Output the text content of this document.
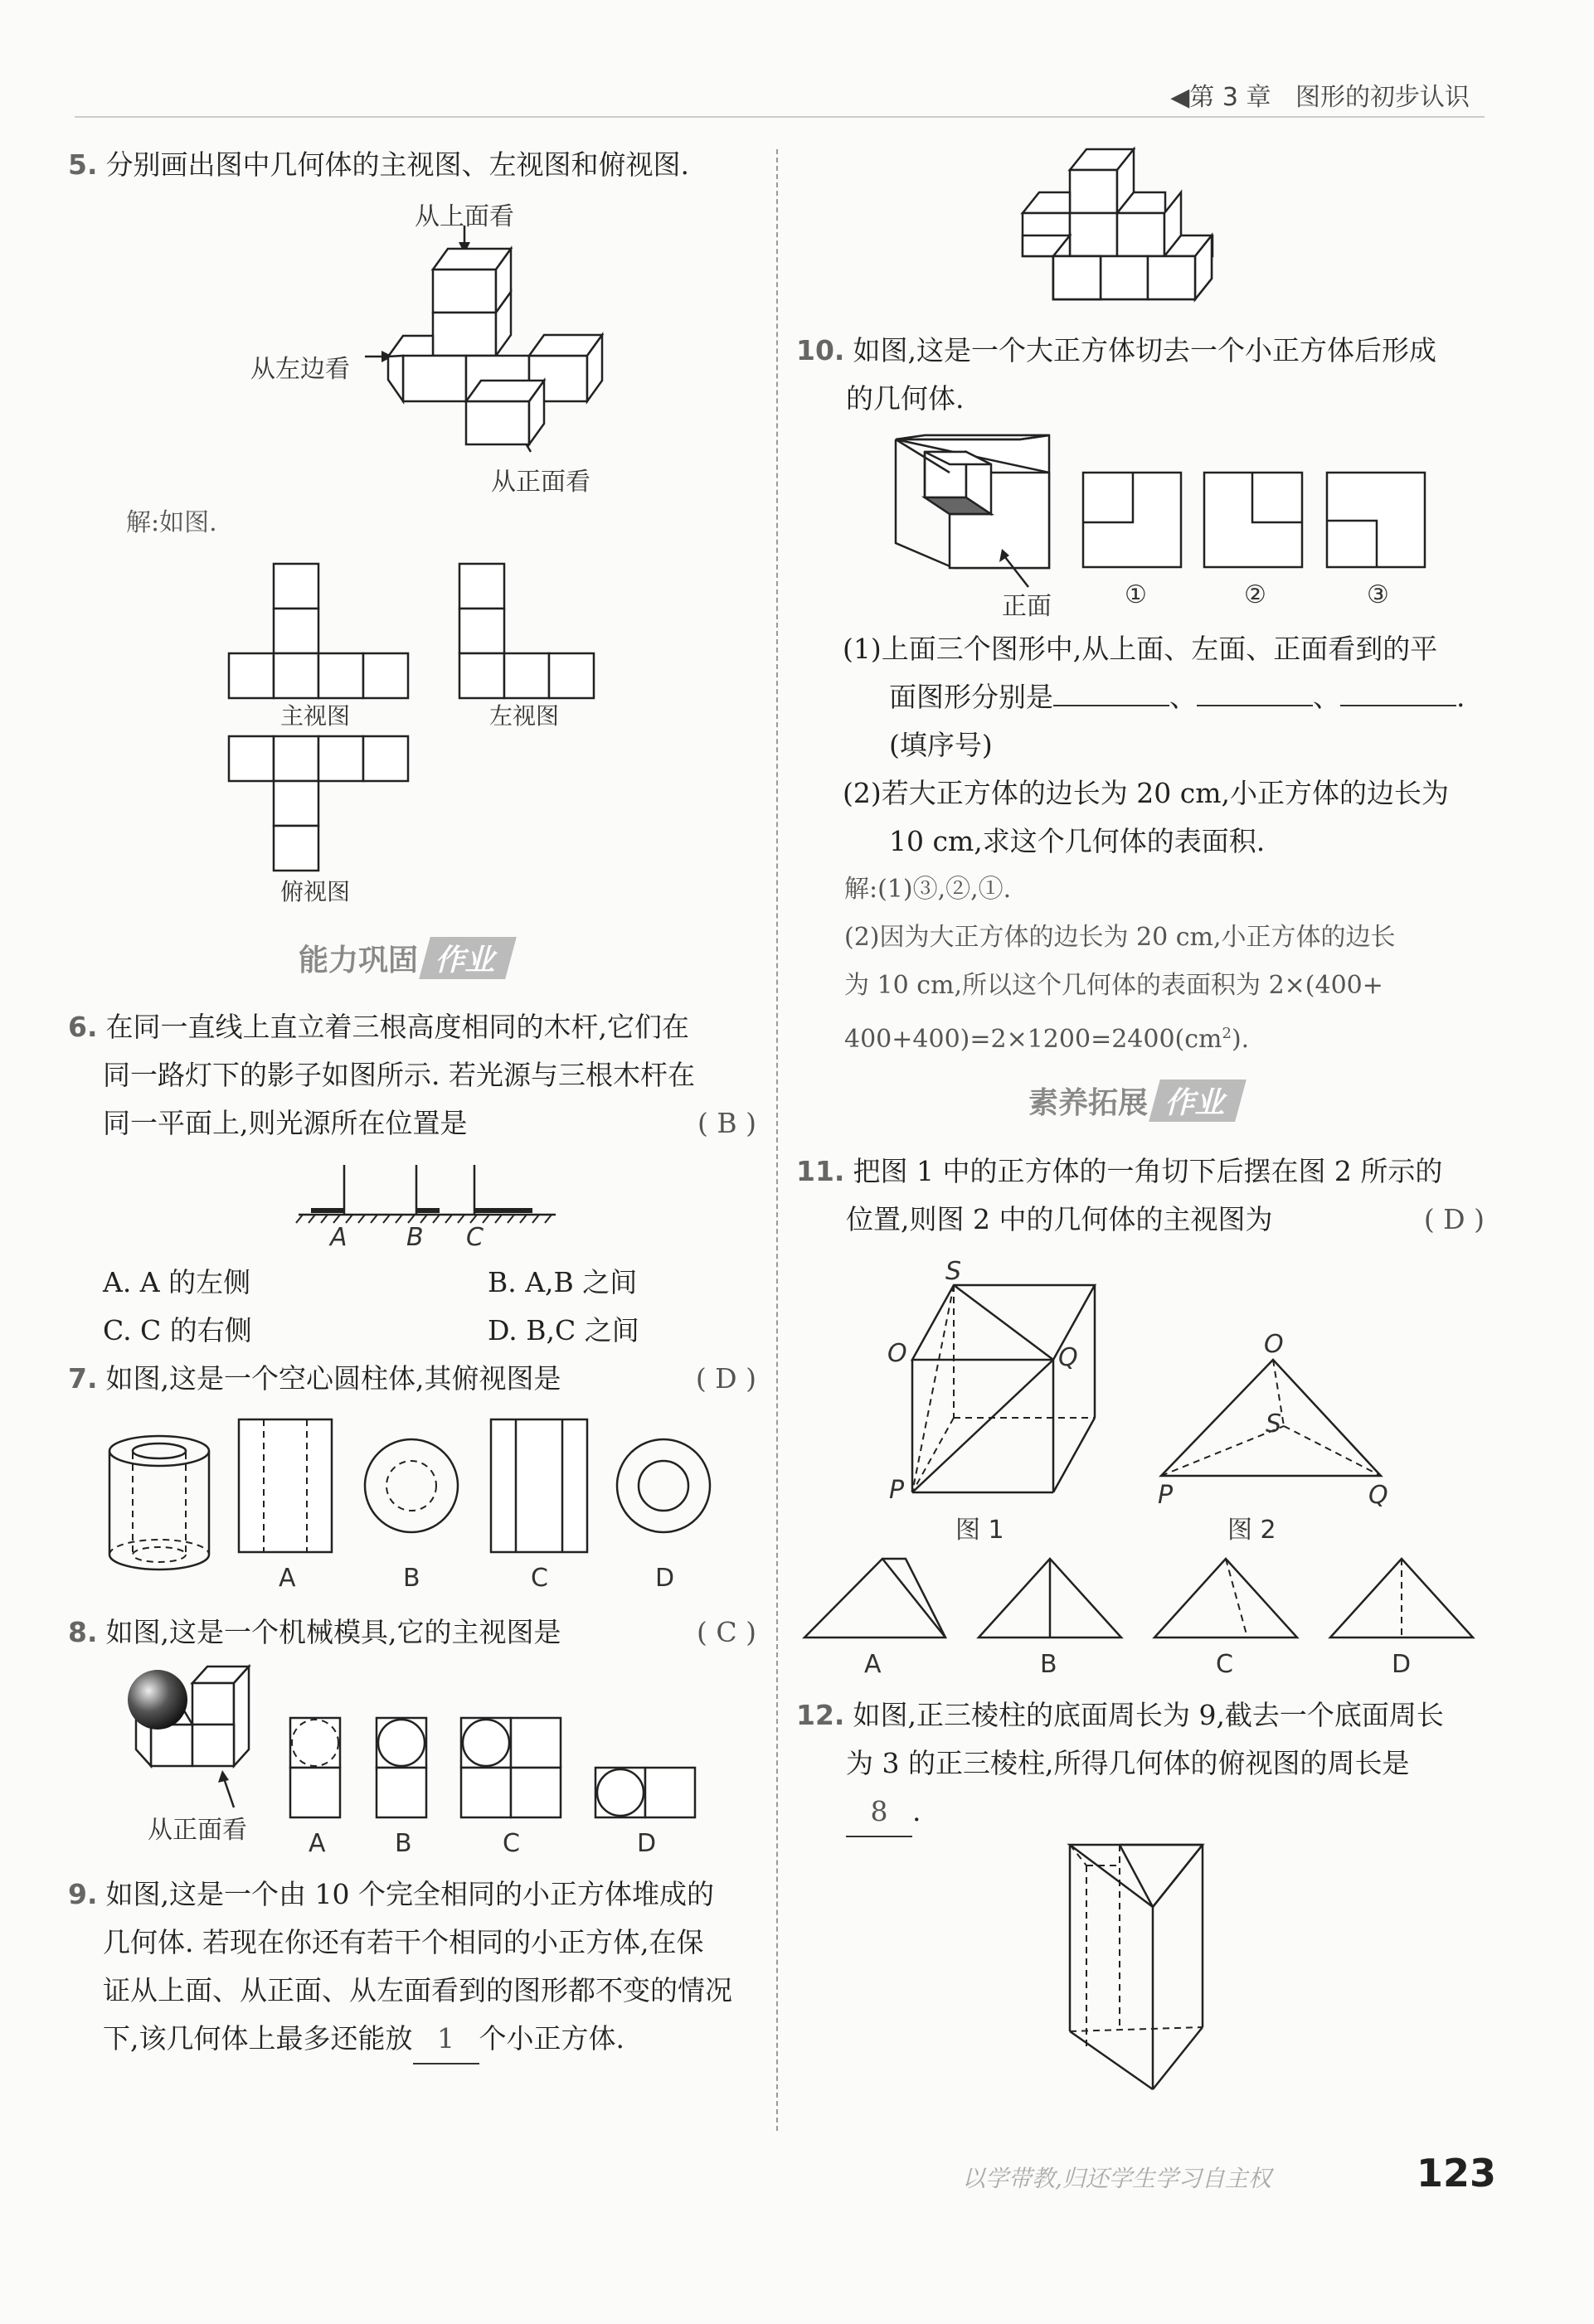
◀第 3 章 图形的初步认识
5. 分别画出图中几何体的主视图、左视图和俯视图.
从上面看
从左边看
从正面看
解:如图.
主视图	左视图
俯视图
能力巩固 作业
6. 在同一直线上直立着三根高度相同的木杆,它们在
同一路灯下的影子如图所示. 若光源与三根木杆在
同一平面上,则光源所在位置是	( B )
A B C
A. A 的左侧	B. A,B 之间
C. C 的右侧	D. B,C 之间
7. 如图,这是一个空心圆柱体,其俯视图是	( D )
A	B	C	D
8. 如图,这是一个机械模具,它的主视图是	( C )
从正面看 A	B	C	D
9. 如图,这是一个由 10 个完全相同的小正方体堆成的
几何体. 若现在你还有若干个相同的小正方体,在保
证从上面、从正面、从左面看到的图形都不变的情况
下,该几何体上最多还能放 1 个小正方体.
10. 如图,这是一个大正方体切去一个小正方体后形成
的几何体.
正面	①	②	③
(1)上面三个图形中,从上面、左面、正面看到的平
面图形分别是	、	、	.
(填序号)
(2)若大正方体的边长为 20 cm,小正方体的边长为
10 cm,求这个几何体的表面积.
解:(1)③,②,①.
(2)因为大正方体的边长为 20 cm,小正方体的边长
为 10 cm,所以这个几何体的表面积为 2×(400+
$400+400)=2\times 1200=2400(cm^2)$.
素养拓展 作业
11. 把图 1 中的正方体的一角切下后摆在图 2 所示的
位置,则图 2 中的几何体的主视图为	( D )
S
O	Q
P
图 1
O
S
P	Q
图 2
A	B	C	D
12. 如图,正三棱柱的底面周长为 9,截去一个底面周长
为 3 的正三棱柱,所得几何体的俯视图的周长是
8 .
以学带教,归还学生学习自主权	123
